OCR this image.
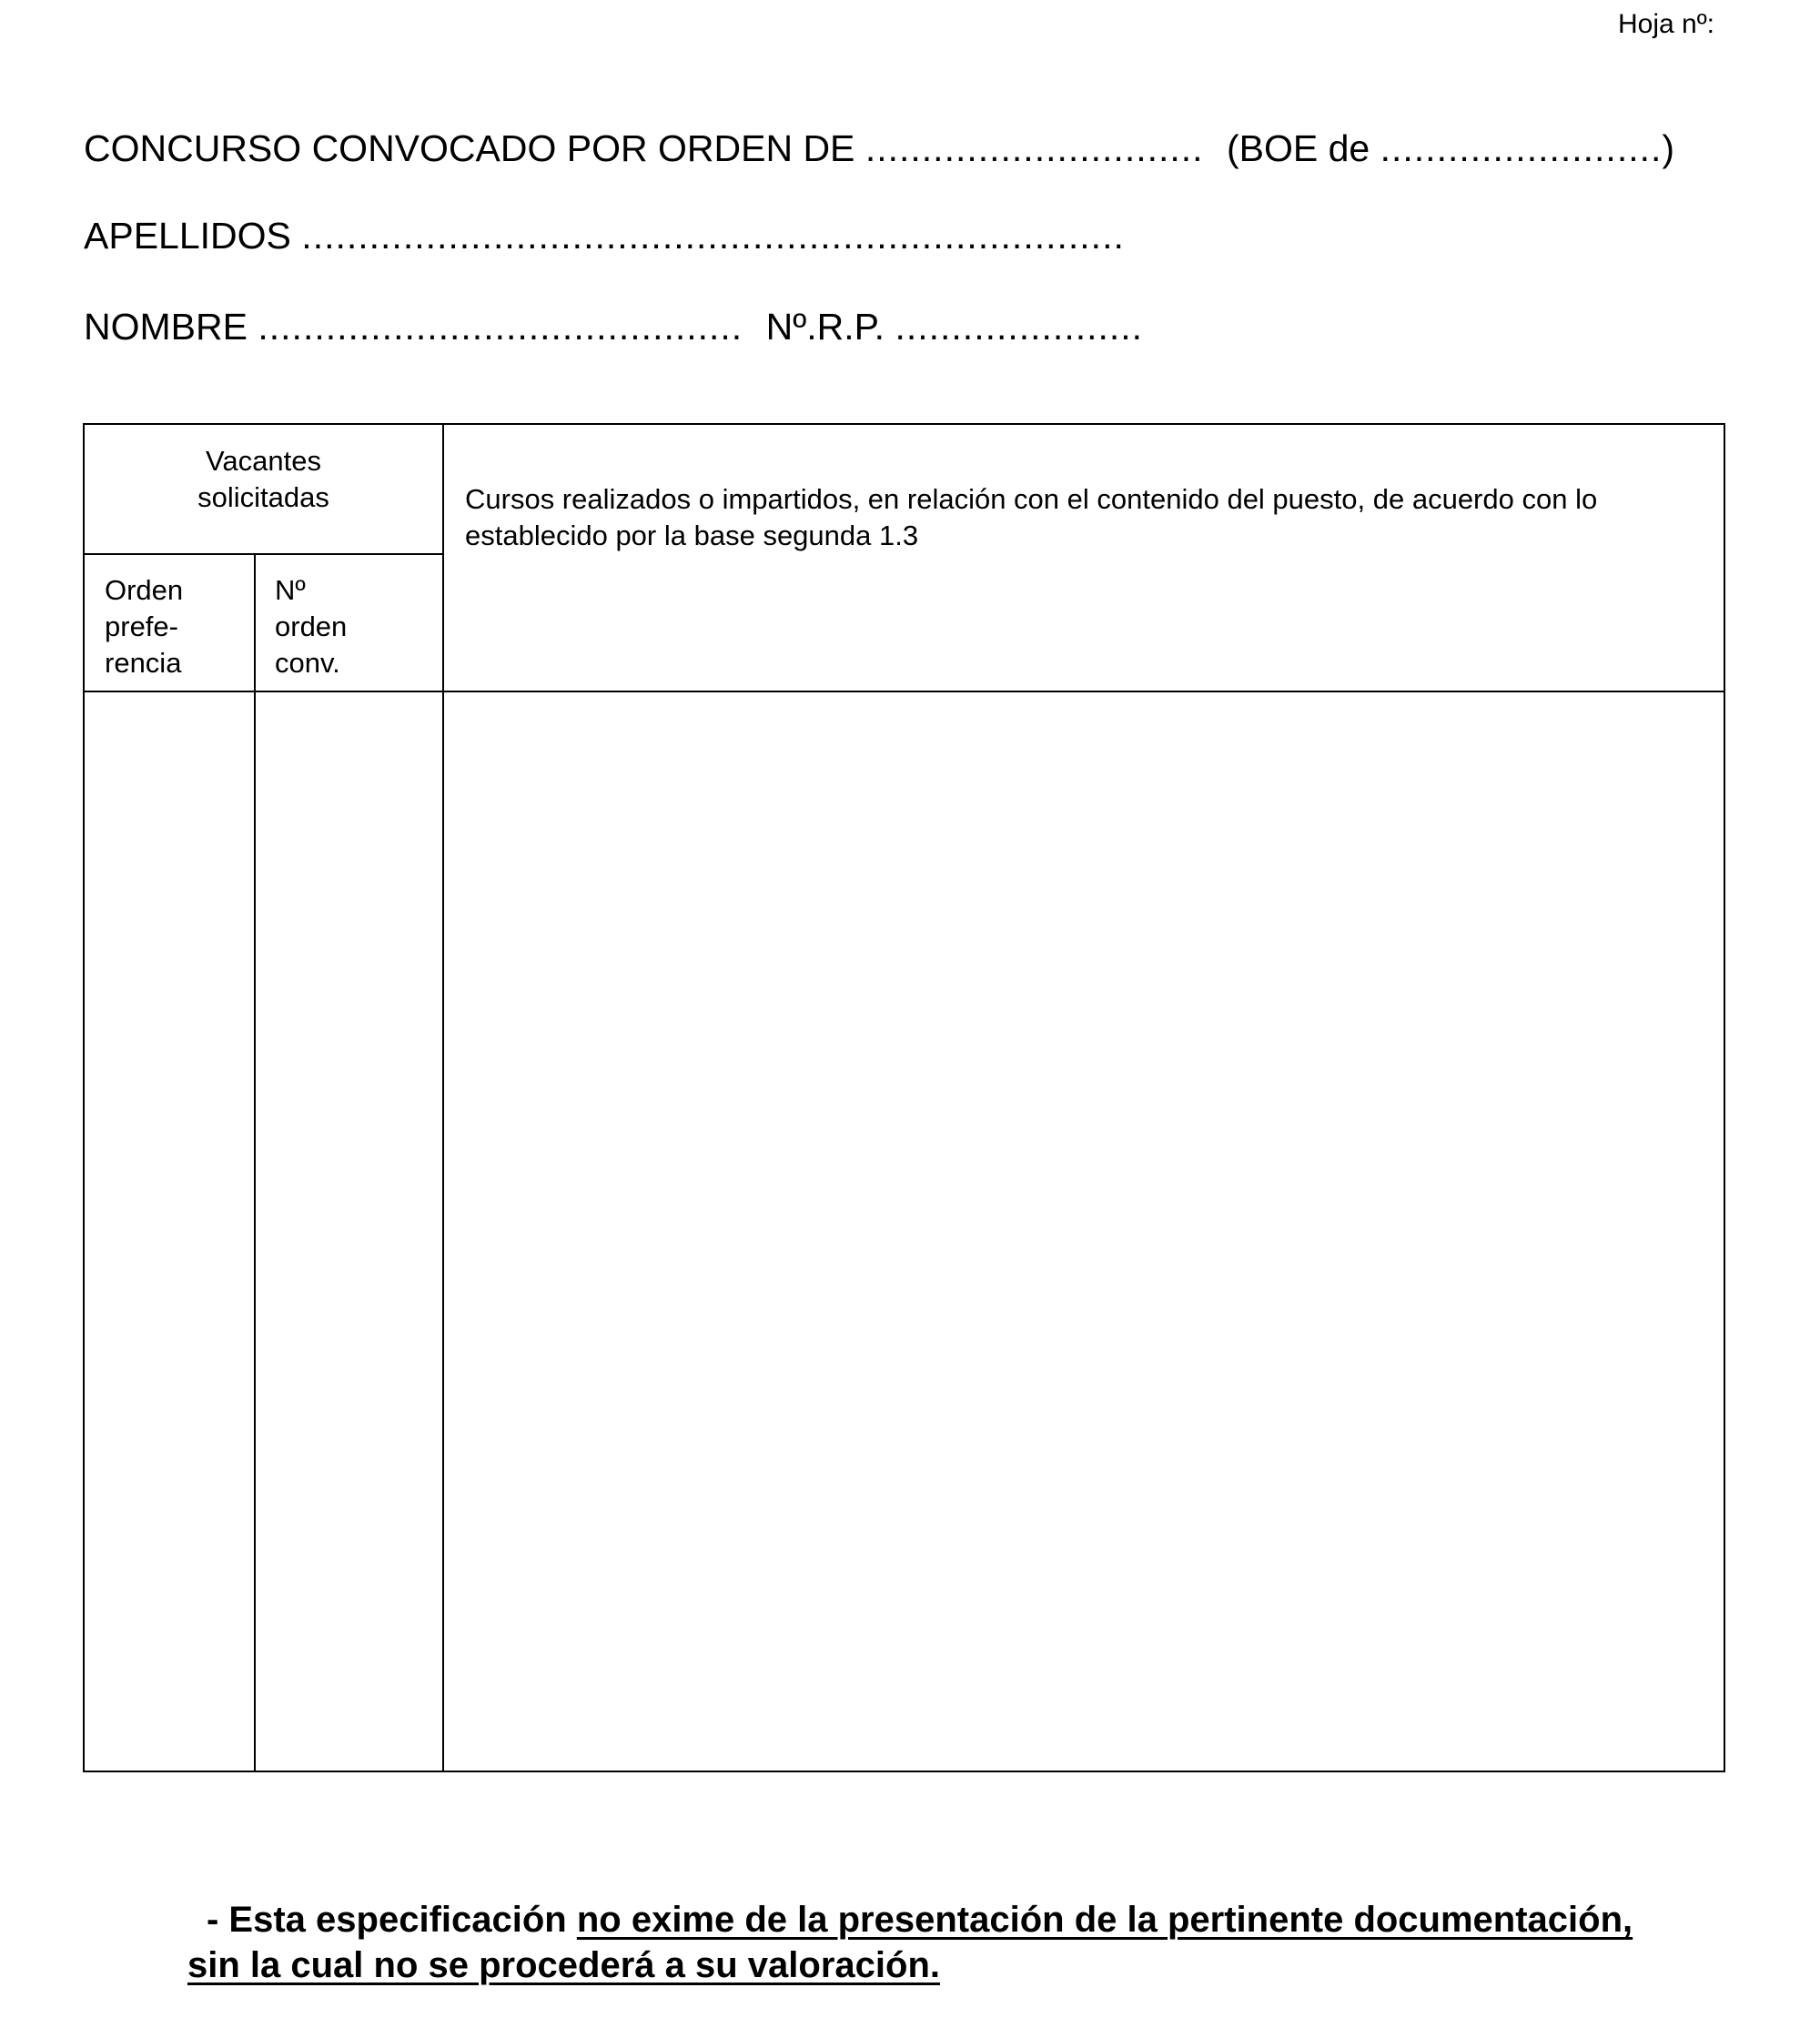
Hoja nº:
CONCURSO CONVOCADO POR ORDEN DE .............................. (BOE de .........................)
APELLIDOS .........................................................................
NOMBRE ........................................... Nº.R.P. ......................
Vacantes
solicitadas	Cursos realizados o impartidos, en relación con el contenido del puesto, de acuerdo con lo establecido por la base segunda 1.3
Orden
prefe-
rencia
Nº
orden
conv.
- Esta especificación no exime de la presentación de la pertinente documentación,
sin la cual no se procederá a su valoración.
